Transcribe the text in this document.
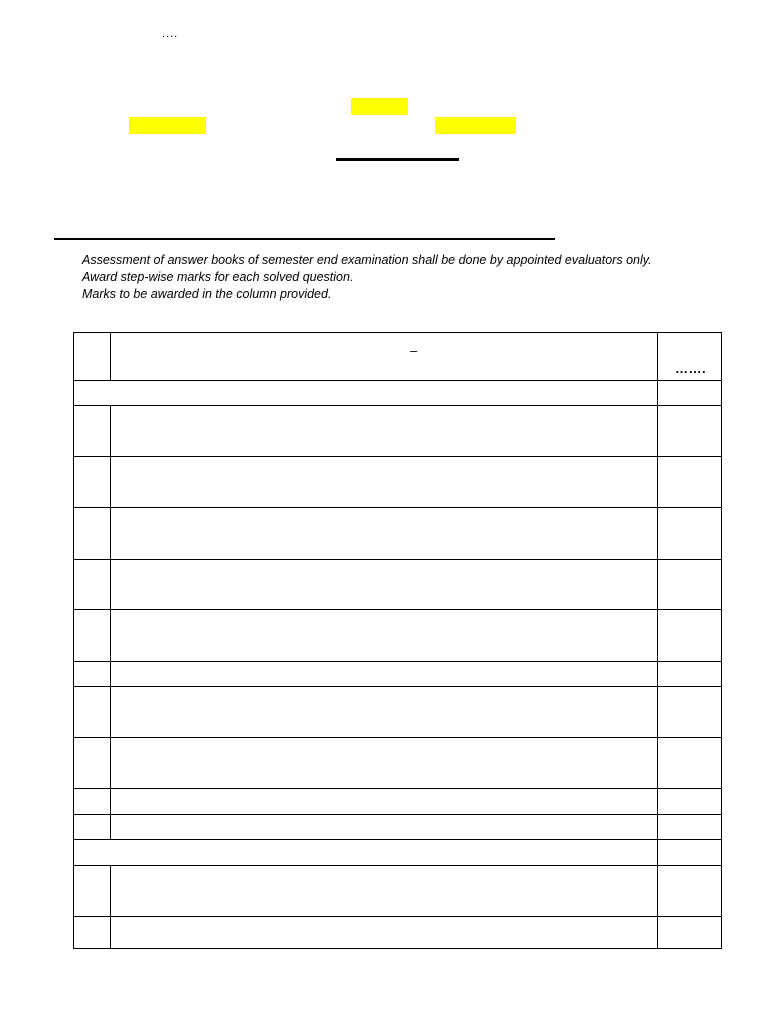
....
Assessment of answer books of semester end examination shall be done by appointed evaluators only.
Award step-wise marks for each solved question.
Marks to be awarded in the column provided.
–
…….
